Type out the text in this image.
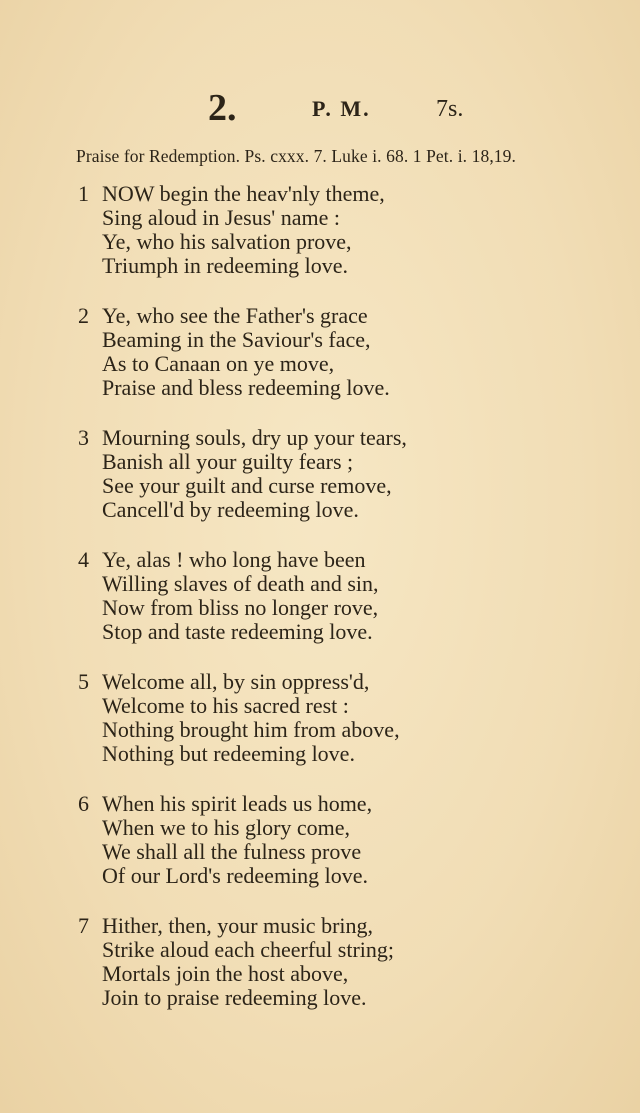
2.	P. M.	7s.
Praise for Redemption. Ps. cxxx. 7. Luke i. 68. 1 Pet. i. 18,19.
1 NOW begin the heav'nly theme,
Sing aloud in Jesus' name :
Ye, who his salvation prove,
Triumph in redeeming love.
2 Ye, who see the Father's grace
Beaming in the Saviour's face,
As to Canaan on ye move,
Praise and bless redeeming love.
3 Mourning souls, dry up your tears,
Banish all your guilty fears ;
See your guilt and curse remove,
Cancell'd by redeeming love.
4 Ye, alas ! who long have been
Willing slaves of death and sin,
Now from bliss no longer rove,
Stop and taste redeeming love.
5 Welcome all, by sin oppress'd,
Welcome to his sacred rest :
Nothing brought him from above,
Nothing but redeeming love.
6 When his spirit leads us home,
When we to his glory come,
We shall all the fulness prove
Of our Lord's redeeming love.
7 Hither, then, your music bring,
Strike aloud each cheerful string;
Mortals join the host above,
Join to praise redeeming love.
